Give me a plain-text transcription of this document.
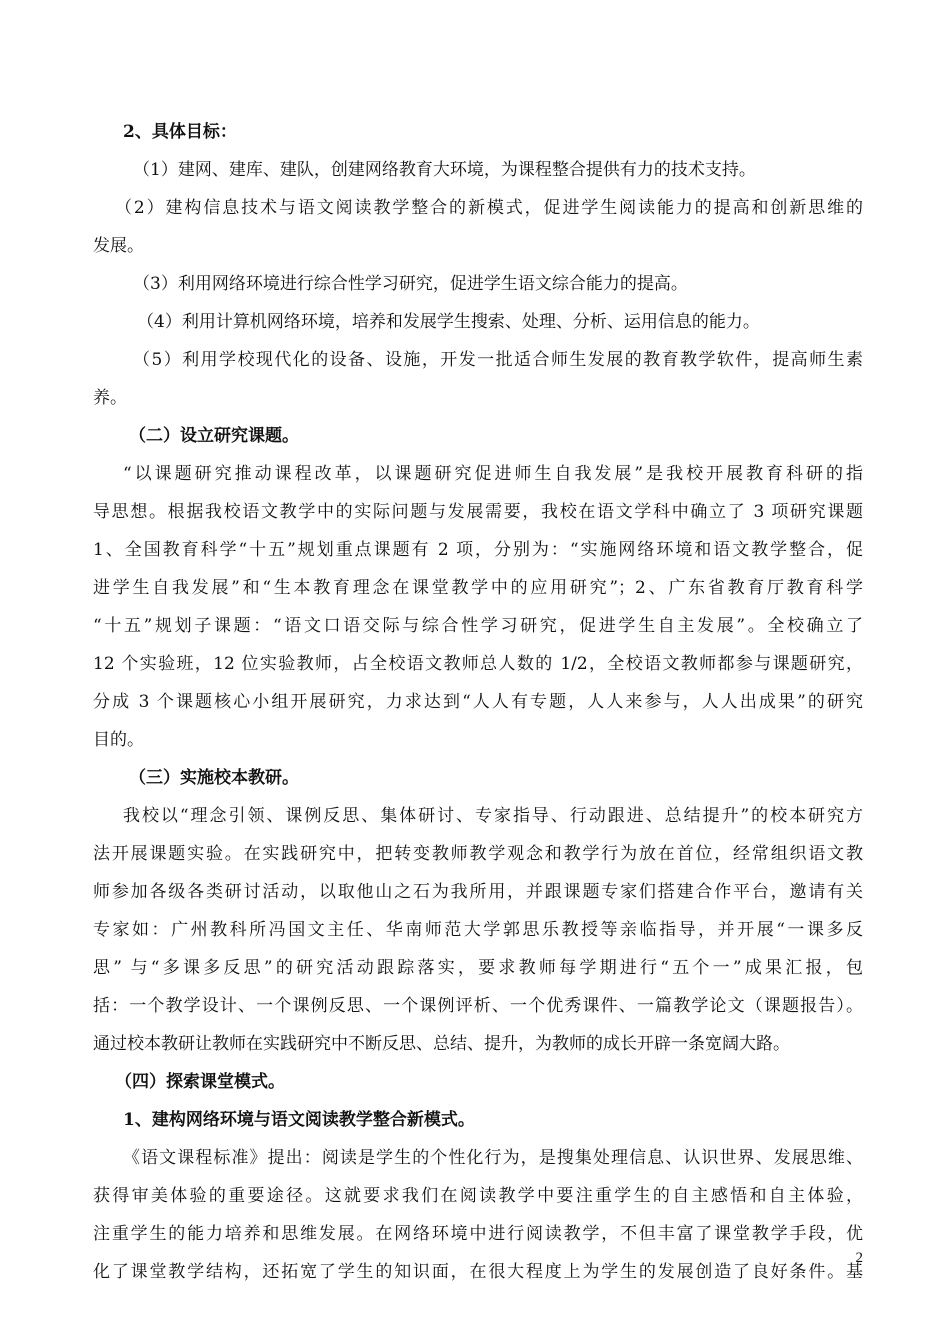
2、具体目标：
（1）建网、建库、建队，创建网络教育大环境，为课程整合提供有力的技术支持。
（2）建构信息技术与语文阅读教学整合的新模式，促进学生阅读能力的提高和创新思维的
发展。
（3）利用网络环境进行综合性学习研究，促进学生语文综合能力的提高。
（4）利用计算机网络环境，培养和发展学生搜索、处理、分析、运用信息的能力。
（5）利用学校现代化的设备、设施，开发一批适合师生发展的教育教学软件，提高师生素
养。
（二）设立研究课题。
“以课题研究推动课程改革，以课题研究促进师生自我发展”是我校开展教育科研的指
导思想。根据我校语文教学中的实际问题与发展需要，我校在语文学科中确立了 3 项研究课题
1、全国教育科学“十五”规划重点课题有 2 项，分别为：“实施网络环境和语文教学整合，促
进学生自我发展”和“生本教育理念在课堂教学中的应用研究”；2、广东省教育厅教育科学
“十五”规划子课题：“语文口语交际与综合性学习研究，促进学生自主发展”。全校确立了
12 个实验班，12 位实验教师，占全校语文教师总人数的 1/2，全校语文教师都参与课题研究，
分成 3 个课题核心小组开展研究，力求达到“人人有专题，人人来参与，人人出成果”的研究
目的。
（三）实施校本教研。
我校以“理念引领、课例反思、集体研讨、专家指导、行动跟进、总结提升”的校本研究方
法开展课题实验。在实践研究中，把转变教师教学观念和教学行为放在首位，经常组织语文教
师参加各级各类研讨活动，以取他山之石为我所用，并跟课题专家们搭建合作平台，邀请有关
专家如：广州教科所冯国文主任、华南师范大学郭思乐教授等亲临指导，并开展“一课多反
思” 与“多课多反思”的研究活动跟踪落实，要求教师每学期进行“五个一”成果汇报，包
括：一个教学设计、一个课例反思、一个课例评析、一个优秀课件、一篇教学论文（课题报告）。
通过校本教研让教师在实践研究中不断反思、总结、提升，为教师的成长开辟一条宽阔大路。
（四）探索课堂模式。
1、建构网络环境与语文阅读教学整合新模式。
《语文课程标准》提出：阅读是学生的个性化行为，是搜集处理信息、认识世界、发展思维、
获得审美体验的重要途径。这就要求我们在阅读教学中要注重学生的自主感悟和自主体验，
注重学生的能力培养和思维发展。在网络环境中进行阅读教学，不但丰富了课堂教学手段，优
化了课堂教学结构，还拓宽了学生的知识面，在很大程度上为学生的发展创造了良好条件。基
2
